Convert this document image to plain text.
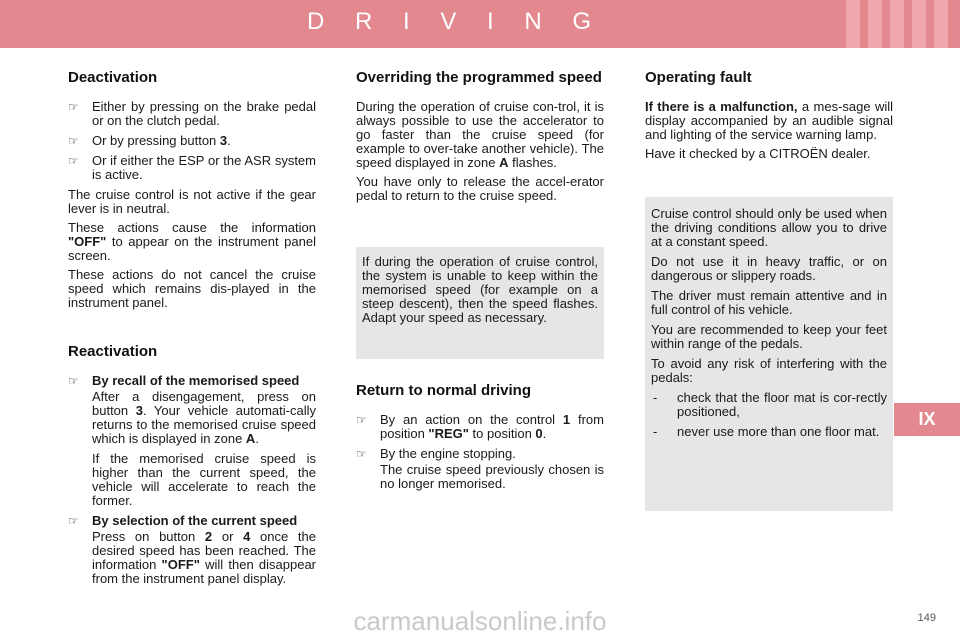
D R I V I N G
Deactivation
☞ Either by pressing on the brake pedal or on the clutch pedal.
☞ Or by pressing button 3.
☞ Or if either the ESP or the ASR system is active.

The cruise control is not active if the gear lever is in neutral.

These actions cause the information "OFF" to appear on the instrument panel screen.

These actions do not cancel the cruise speed which remains dis-played in the instrument panel.

Reactivation
☞ By recall of the memorised speed
After a disengagement, press on button 3. Your vehicle automati-cally returns to the memorised cruise speed which is displayed in zone A.
If the memorised cruise speed is higher than the current speed, the vehicle will accelerate to reach the former.
☞ By selection of the current speed
Press on button 2 or 4 once the desired speed has been reached. The information "OFF" will then disappear from the instrument panel display.
Overriding the programmed speed

During the operation of cruise con-trol, it is always possible to use the accelerator to go faster than the cruise speed (for example to over-take another vehicle). The speed displayed in zone A flashes.

You have only to release the accel-erator pedal to return to the cruise speed.

If during the operation of cruise control, the system is unable to keep within the memorised speed (for example on a steep descent), then the speed flashes. Adapt your speed as necessary.

Return to normal driving
☞ By an action on the control 1 from position "REG" to position 0.
☞ By the engine stopping.
The cruise speed previously chosen is no longer memorised.
Operating fault

If there is a malfunction, a mes-sage will display accompanied by an audible signal and lighting of the service warning lamp.

Have it checked by a CITROËN dealer.

Cruise control should only be used when the driving conditions allow you to drive at a constant speed.

Do not use it in heavy traffic, or on dangerous or slippery roads.

The driver must remain attentive and in full control of his vehicle.

You are recommended to keep your feet within range of the pedals.

To avoid any risk of interfering with the pedals:

- check that the floor mat is cor-rectly positioned,
- never use more than one floor mat.
IX
carmanualsonline.info	149
